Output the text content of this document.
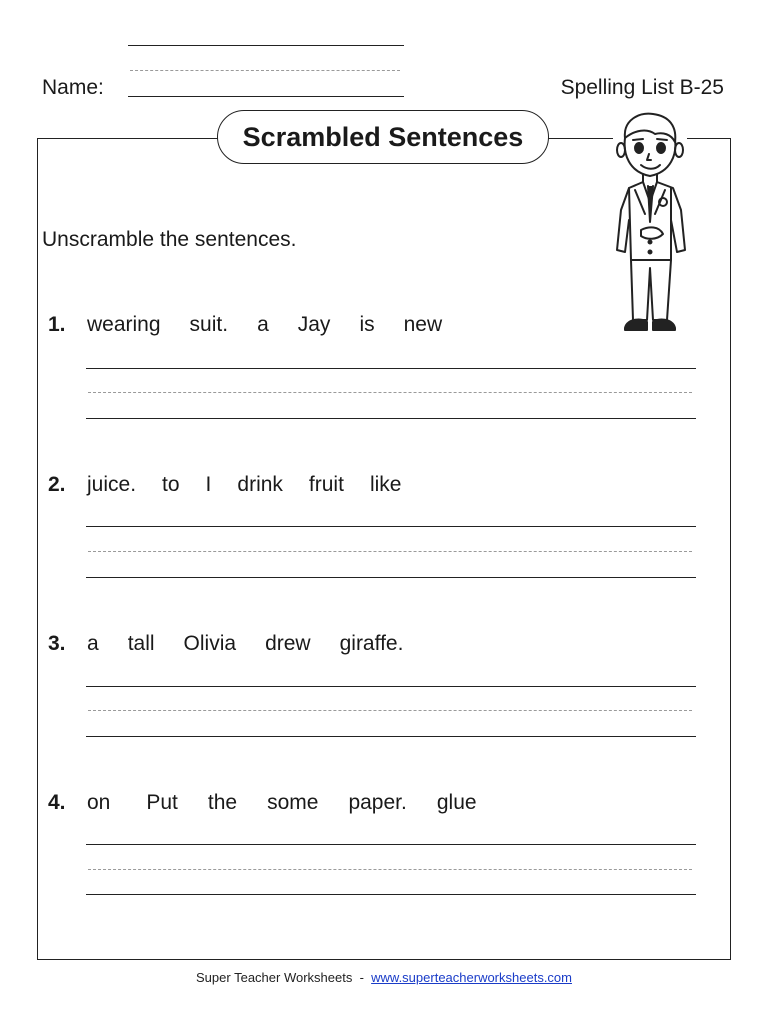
Name:	Spelling List B-25
Scrambled Sentences
Unscramble the sentences.
1. wearing suit. a Jay is new
2. juice. to I drink fruit like
3. a tall Olivia drew giraffe.
4. on Put the some paper. glue
Super Teacher Worksheets  -  www.superteacherworksheets.com
